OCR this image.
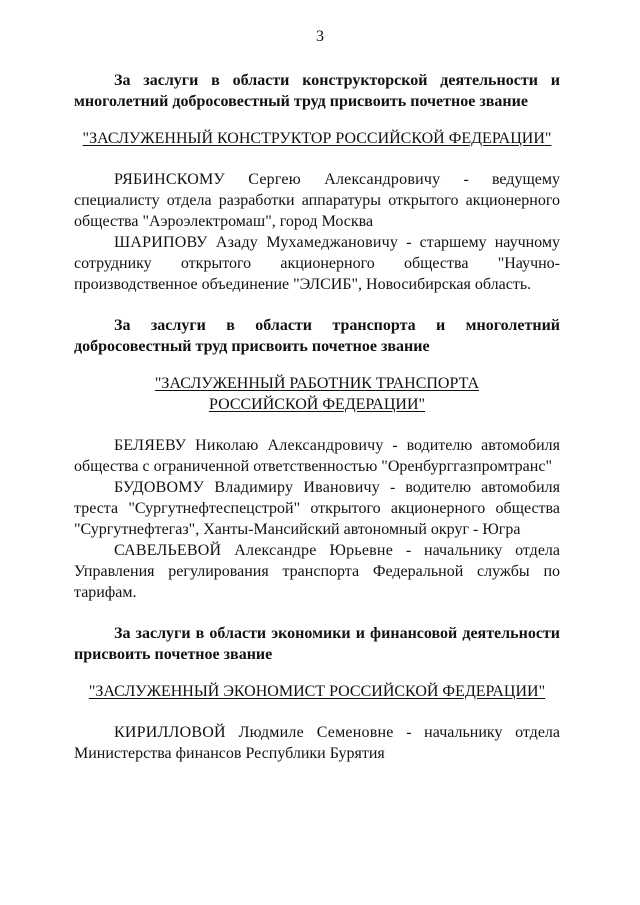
3

За заслуги в области конструкторской деятельности и многолетний добросовестный труд присвоить почетное звание

"ЗАСЛУЖЕННЫЙ КОНСТРУКТОР РОССИЙСКОЙ ФЕДЕРАЦИИ"

РЯБИНСКОМУ Сергею Александровичу - ведущему специалисту отдела разработки аппаратуры открытого акционерного общества "Аэроэлектромаш", город Москва

ШАРИПОВУ Азаду Мухамеджановичу - старшему научному сотруднику открытого акционерного общества "Научно-производственное объединение "ЭЛСИБ", Новосибирская область.

За заслуги в области транспорта и многолетний добросовестный труд присвоить почетное звание

"ЗАСЛУЖЕННЫЙ РАБОТНИК ТРАНСПОРТА
РОССИЙСКОЙ ФЕДЕРАЦИИ"

БЕЛЯЕВУ Николаю Александровичу - водителю автомобиля общества с ограниченной ответственностью "Оренбурггазпромтранс"

БУДОВОМУ Владимиру Ивановичу - водителю автомобиля треста "Сургутнефтеспецстрой" открытого акционерного общества "Сургутнефтегаз", Ханты-Мансийский автономный округ - Югра

САВЕЛЬЕВОЙ Александре Юрьевне - начальнику отдела Управления регулирования транспорта Федеральной службы по тарифам.

За заслуги в области экономики и финансовой деятельности присвоить почетное звание

"ЗАСЛУЖЕННЫЙ ЭКОНОМИСТ РОССИЙСКОЙ ФЕДЕРАЦИИ"

КИРИЛЛОВОЙ Людмиле Семеновне - начальнику отдела Министерства финансов Республики Бурятия
